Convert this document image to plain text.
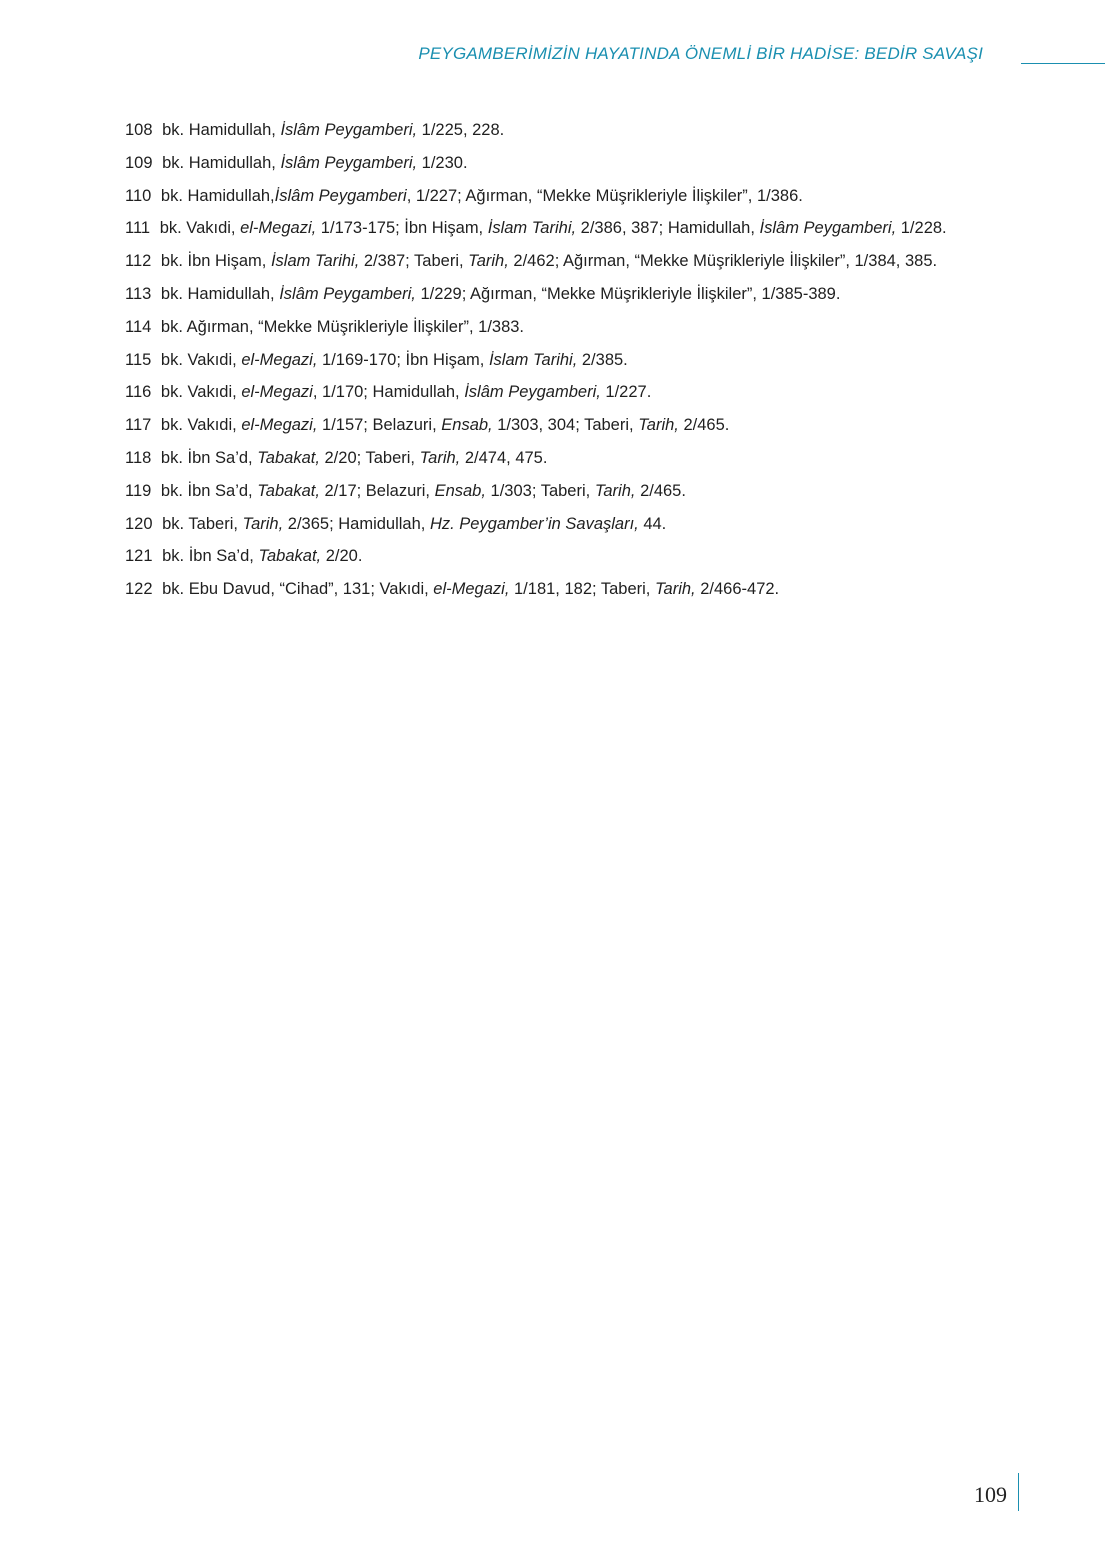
PEYGAMBERİMİZİN HAYATINDA ÖNEMLİ BİR HADİSE: BEDİR SAVAŞI
108 bk. Hamidullah, İslâm Peygamberi, 1/225, 228.
109 bk. Hamidullah, İslâm Peygamberi, 1/230.
110 bk. Hamidullah,İslâm Peygamberi, 1/227; Ağırman, “Mekke Müşrikleriyle İlişkiler”, 1/386.
111 bk. Vakıdi, el-Megazi, 1/173-175; İbn Hişam, İslam Tarihi, 2/386, 387; Hamidullah, İslâm Peygamberi, 1/228.
112 bk. İbn Hişam, İslam Tarihi, 2/387; Taberi, Tarih, 2/462; Ağırman, “Mekke Müşrikleriyle İlişkiler”, 1/384, 385.
113 bk. Hamidullah, İslâm Peygamberi, 1/229; Ağırman, “Mekke Müşrikleriyle İlişkiler”, 1/385-389.
114 bk. Ağırman, “Mekke Müşrikleriyle İlişkiler”, 1/383.
115 bk. Vakıdi, el-Megazi, 1/169-170; İbn Hişam, İslam Tarihi, 2/385.
116 bk. Vakıdi, el-Megazi, 1/170; Hamidullah, İslâm Peygamberi, 1/227.
117 bk. Vakıdi, el-Megazi, 1/157; Belazuri, Ensab, 1/303, 304; Taberi, Tarih, 2/465.
118 bk. İbn Sa’d, Tabakat, 2/20; Taberi, Tarih, 2/474, 475.
119 bk. İbn Sa’d, Tabakat, 2/17; Belazuri, Ensab, 1/303; Taberi, Tarih, 2/465.
120 bk. Taberi, Tarih, 2/365; Hamidullah, Hz. Peygamber’in Savaşları, 44.
121 bk. İbn Sa’d, Tabakat, 2/20.
122 bk. Ebu Davud, “Cihad”, 131; Vakıdi, el-Megazi, 1/181, 182; Taberi, Tarih, 2/466-472.
109
